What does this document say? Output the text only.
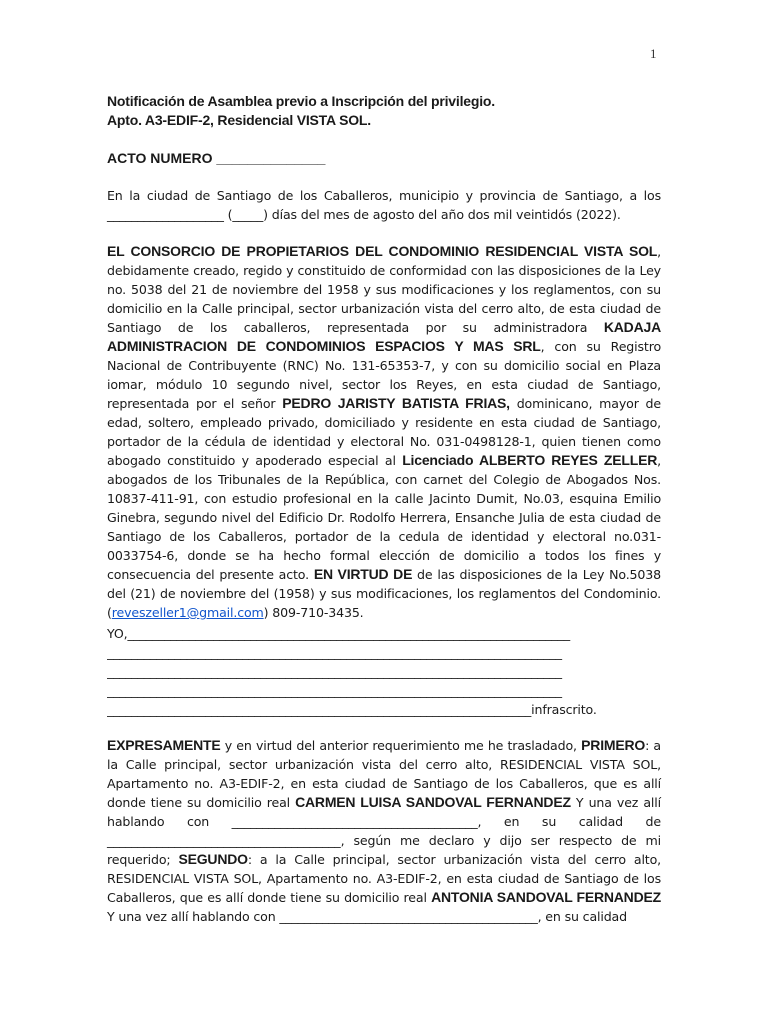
1
Notificación de Asamblea previo a Inscripción del privilegio.
Apto. A3-EDIF-2, Residencial VISTA SOL.
ACTO NUMERO ______________

En la ciudad de Santiago de los Caballeros, municipio y provincia de Santiago, a los ___________________ (_____) días del mes de agosto del año dos mil veintidós (2022).

EL CONSORCIO DE PROPIETARIOS DEL CONDOMINIO RESIDENCIAL VISTA SOL, debidamente creado, regido y constituido de conformidad con las disposiciones de la Ley no. 5038 del 21 de noviembre del 1958 y sus modificaciones y los reglamentos, con su domicilio en la Calle principal, sector urbanización vista del cerro alto, de esta ciudad de Santiago de los caballeros, representada por su administradora KADAJA ADMINISTRACION DE CONDOMINIOS ESPACIOS Y MAS SRL, con su Registro Nacional de Contribuyente (RNC) No. 131-65353-7, y con su domicilio social en Plaza iomar, módulo 10 segundo nivel, sector los Reyes, en esta ciudad de Santiago, representada por el señor PEDRO JARISTY BATISTA FRIAS, dominicano, mayor de edad, soltero, empleado privado, domiciliado y residente en esta ciudad de Santiago, portador de la cédula de identidad y electoral No. 031-0498128-1, quien tienen como abogado constituido y apoderado especial al Licenciado ALBERTO REYES ZELLER, abogados de los Tribunales de la República, con carnet del Colegio de Abogados Nos. 10837-411-91, con estudio profesional en la calle Jacinto Dumit, No.03, esquina Emilio Ginebra, segundo nivel del Edificio Dr. Rodolfo Herrera, Ensanche Julia de esta ciudad de Santiago de los Caballeros, portador de la cedula de identidad y electoral no.031-0033754-6, donde se ha hecho formal elección de domicilio a todos los fines y consecuencia del presente acto. EN VIRTUD DE de las disposiciones de la Ley No.5038 del (21) de noviembre del (1958) y sus modificaciones, los reglamentos del Condominio. (reveszeller1@gmail.com) 809-710-3435.

YO,________________________________________________________________________
__________________________________________________________________________
__________________________________________________________________________
__________________________________________________________________________
_____________________________________________________________________infrascrito.

EXPRESAMENTE y en virtud del anterior requerimiento me he trasladado, PRIMERO: a la Calle principal, sector urbanización vista del cerro alto, RESIDENCIAL VISTA SOL, Apartamento no. A3-EDIF-2, en esta ciudad de Santiago de los Caballeros, que es allí donde tiene su domicilio real CARMEN LUISA SANDOVAL FERNANDEZ Y una vez allí hablando con ________________________________________, en su calidad de ______________________________________, según me declaro y dijo ser respecto de mi requerido; SEGUNDO: a la Calle principal, sector urbanización vista del cerro alto, RESIDENCIAL VISTA SOL, Apartamento no. A3-EDIF-2, en esta ciudad de Santiago de los Caballeros, que es allí donde tiene su domicilio real ANTONIA SANDOVAL FERNANDEZ Y una vez allí hablando con __________________________________________, en su calidad
